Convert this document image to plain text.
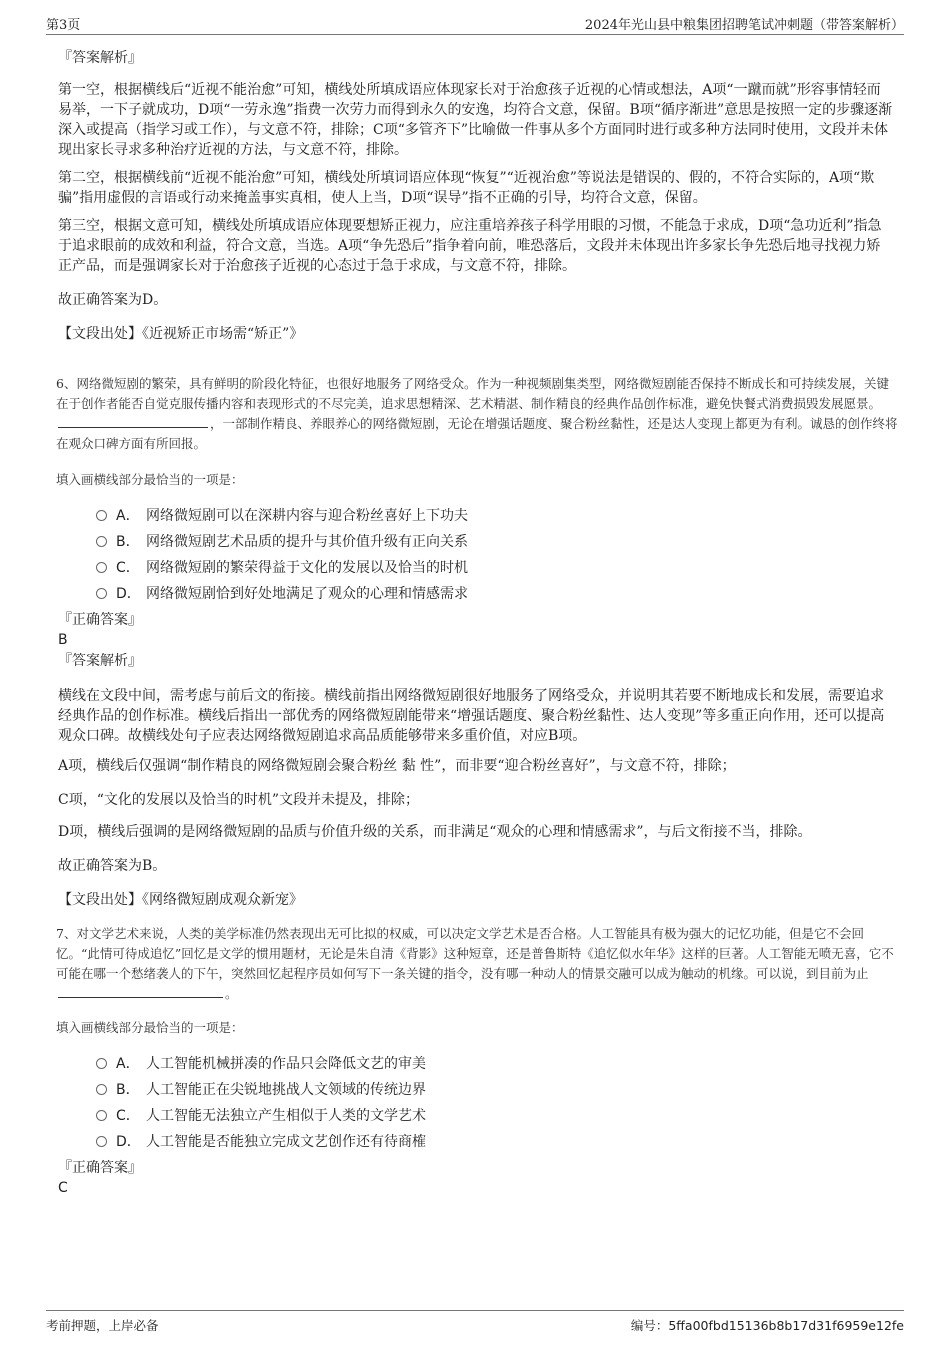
第3页	2024年光山县中粮集团招聘笔试冲刺题（带答案解析）
『答案解析』

第一空，根据横线后“近视不能治愈”可知，横线处所填成语应体现家长对于治愈孩子近视的心情或想法，A项“一蹴而就”形容事情轻而易举，一下子就成功，D项“一劳永逸”指费一次劳力而得到永久的安逸，均符合文意，保留。B项“循序渐进”意思是按照一定的步骤逐渐深入或提高（指学习或工作），与文意不符，排除；C项“多管齐下”比喻做一件事从多个方面同时进行或多种方法同时使用，文段并未体现出家长寻求多种治疗近视的方法，与文意不符，排除。

第二空，根据横线前“近视不能治愈”可知，横线处所填词语应体现“恢复”“近视治愈”等说法是错误的、假的，不符合实际的，A项“欺骗”指用虚假的言语或行动来掩盖事实真相，使人上当，D项“误导”指不正确的引导，均符合文意，保留。

第三空，根据文意可知，横线处所填成语应体现要想矫正视力，应注重培养孩子科学用眼的习惯，不能急于求成，D项“急功近利”指急于追求眼前的成效和利益，符合文意，当选。A项“争先恐后”指争着向前，唯恐落后，文段并未体现出许多家长争先恐后地寻找视力矫正产品，而是强调家长对于治愈孩子近视的心态过于急于求成，与文意不符，排除。

故正确答案为D。
【文段出处】《近视矫正市场需“矫正”》

6、网络微短剧的繁荣，具有鲜明的阶段化特征，也很好地服务了网络受众。作为一种视频剧集类型，网络微短剧能否保持不断成长和可持续发展，关键在于创作者能否自觉克服传播内容和表现形式的不尽完美，追求思想精深、艺术精湛、制作精良的经典作品创作标准，避免快餐式消费损毁发展愿景。，一部制作精良、养眼养心的网络微短剧，无论在增强话题度、聚合粉丝黏性，还是达人变现上都更为有利。诚恳的创作终将在观众口碑方面有所回报。

填入画横线部分最恰当的一项是：
A． 网络微短剧可以在深耕内容与迎合粉丝喜好上下功夫
B． 网络微短剧艺术品质的提升与其价值升级有正向关系
C． 网络微短剧的繁荣得益于文化的发展以及恰当的时机
D． 网络微短剧恰到好处地满足了观众的心理和情感需求
『正确答案』
B
『答案解析』

横线在文段中间，需考虑与前后文的衔接。横线前指出网络微短剧很好地服务了网络受众，并说明其若要不断地成长和发展，需要追求经典作品的创作标准。横线后指出一部优秀的网络微短剧能带来“增强话题度、聚合粉丝黏性、达人变现”等多重正向作用，还可以提高观众口碑。故横线处句子应表达网络微短剧追求高品质能够带来多重价值，对应B项。

A项，横线后仅强调“制作精良的网络微短剧会聚合粉丝 黏 性”，而非要“迎合粉丝喜好”，与文意不符，排除；

C项，“文化的发展以及恰当的时机”文段并未提及，排除；

D项，横线后强调的是网络微短剧的品质与价值升级的关系，而非满足“观众的心理和情感需求”，与后文衔接不当，排除。

故正确答案为B。
【文段出处】《网络微短剧成观众新宠》

7、对文学艺术来说，人类的美学标准仍然表现出无可比拟的权威，可以决定文学艺术是否合格。人工智能具有极为强大的记忆功能，但是它不会回忆。“此情可待成追忆”回忆是文学的惯用题材，无论是朱自清《背影》这种短章，还是普鲁斯特《追忆似水年华》这样的巨著。人工智能无喷无喜，它不可能在哪一个愁绪袭人的下午，突然回忆起程序员如何写下一条关键的指令，没有哪一种动人的情景交融可以成为触动的机缘。可以说，到目前为止。

填入画横线部分最恰当的一项是：
A． 人工智能机械拼凑的作品只会降低文艺的审美
B． 人工智能正在尖锐地挑战人文领域的传统边界
C． 人工智能无法独立产生相似于人类的文学艺术
D． 人工智能是否能独立完成文艺创作还有待商榷
『正确答案』
C
考前押题，上岸必备	编号：5ffa00fbd15136b8b17d31f6959e12fe
